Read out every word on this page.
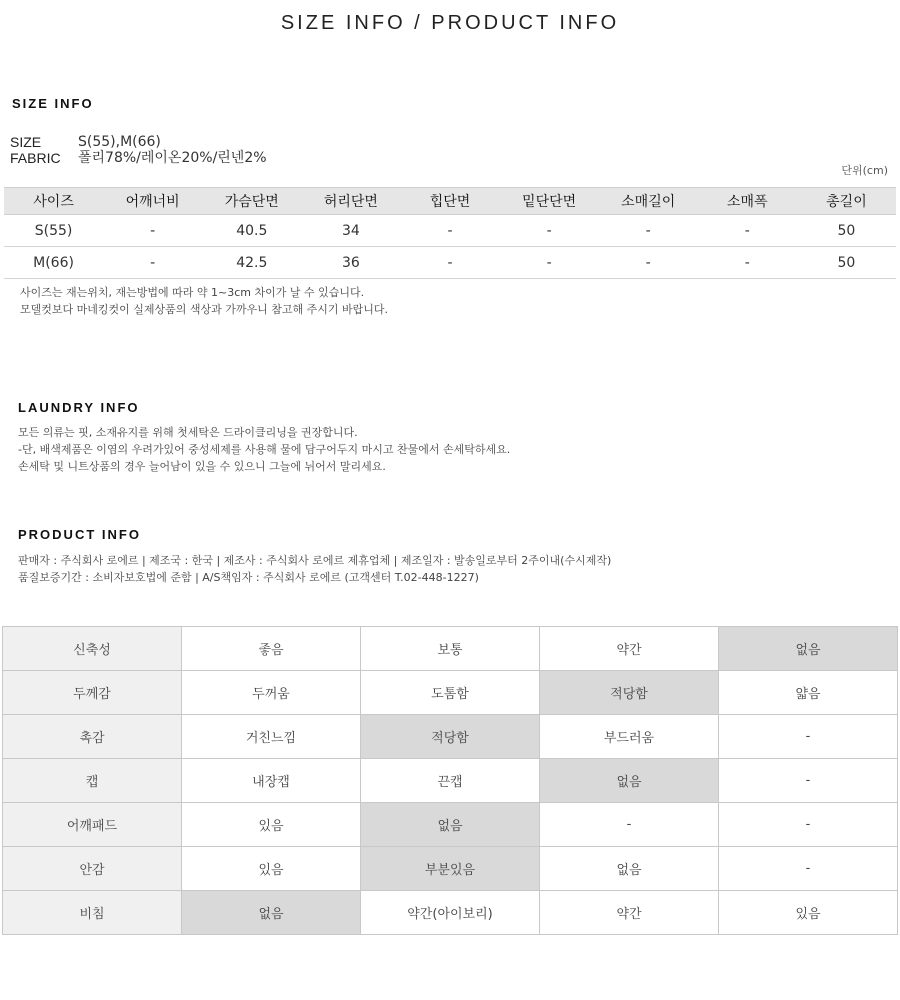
SIZE INFO / PRODUCT INFO
SIZE INFO
SIZE	S(55),M(66)
FABRIC	폴리78%/레이온20%/린넨2%
단위(cm)
사이즈	어깨너비	가슴단면	허리단면	힙단면	밑단단면	소매길이	소매폭	총길이
S(55)	-	40.5	34	-	-	-	-	50
M(66)	-	42.5	36	-	-	-	-	50

사이즈는 재는위치, 재는방법에 따라 약 1~3cm 차이가 날 수 있습니다.

모델컷보다 마네킹컷이 실제상품의 색상과 가까우니 참고해 주시기 바랍니다.

LAUNDRY INFO

모든 의류는 핏, 소재유지를 위해 첫세탁은 드라이클리닝을 권장합니다.

-단, 배색제품은 이염의 우려가있어 중성세제를 사용해 물에 담구어두지 마시고 찬물에서 손세탁하세요.

손세탁 및 니트상품의 경우 늘어남이 있을 수 있으니 그늘에 뉘어서 말리세요.

PRODUCT INFO

판매자 : 주식회사 로에르 | 제조국 : 한국 | 제조사 : 주식회사 로에르 제휴업체 | 제조일자 : 발송일로부터 2주이내(수시제작)

품질보증기간 : 소비자보호법에 준함 | A/S책임자 : 주식회사 로에르 (고객센터 T.02-448-1227)

신축성	좋음	보통	약간	없음
두께감	두꺼움	도톰함	적당함	얇음
촉감	거친느낌	적당함	부드러움	-
캡	내장캡	끈캡	없음	-
어깨패드	있음	없음	-	-
안감	있음	부분있음	없음	-
비침	없음	약간(아이보리)	약간	있음
